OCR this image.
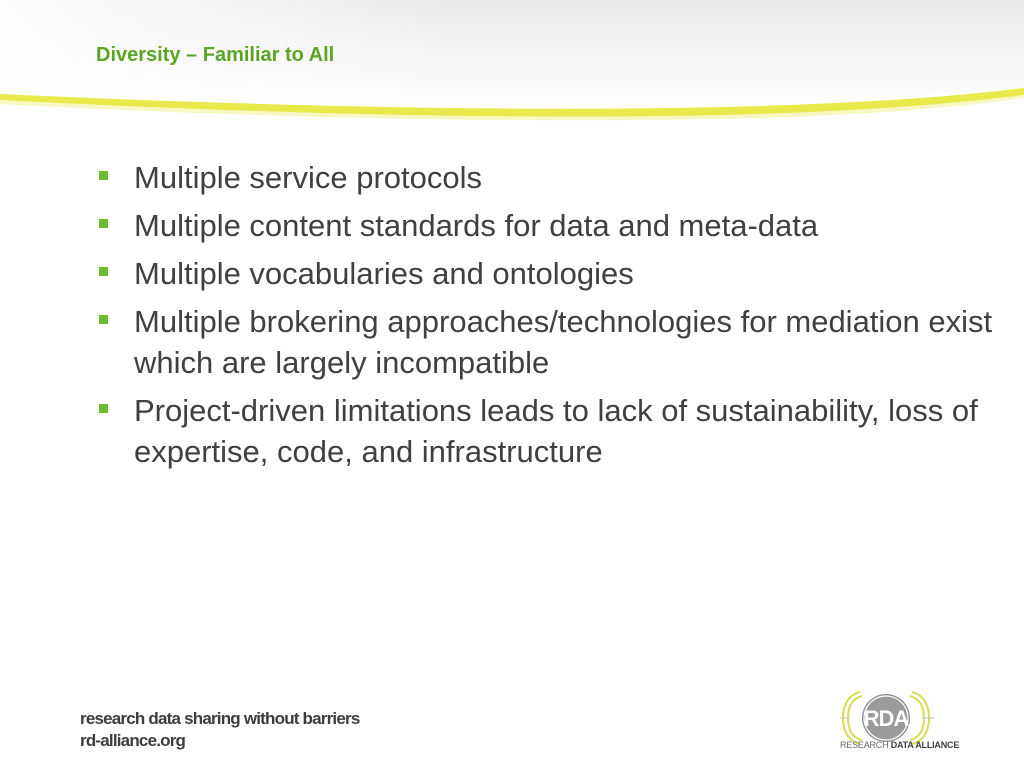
Diversity – Familiar to All
Multiple service protocols
Multiple content standards for data and meta-data
Multiple vocabularies and ontologies
Multiple brokering approaches/technologies for mediation exist which are largely incompatible
Project-driven limitations leads to lack of sustainability, loss of expertise, code, and infrastructure
research data sharing without barriers
rd-alliance.org
RDA
RESEARCH DATA ALLIANCE
